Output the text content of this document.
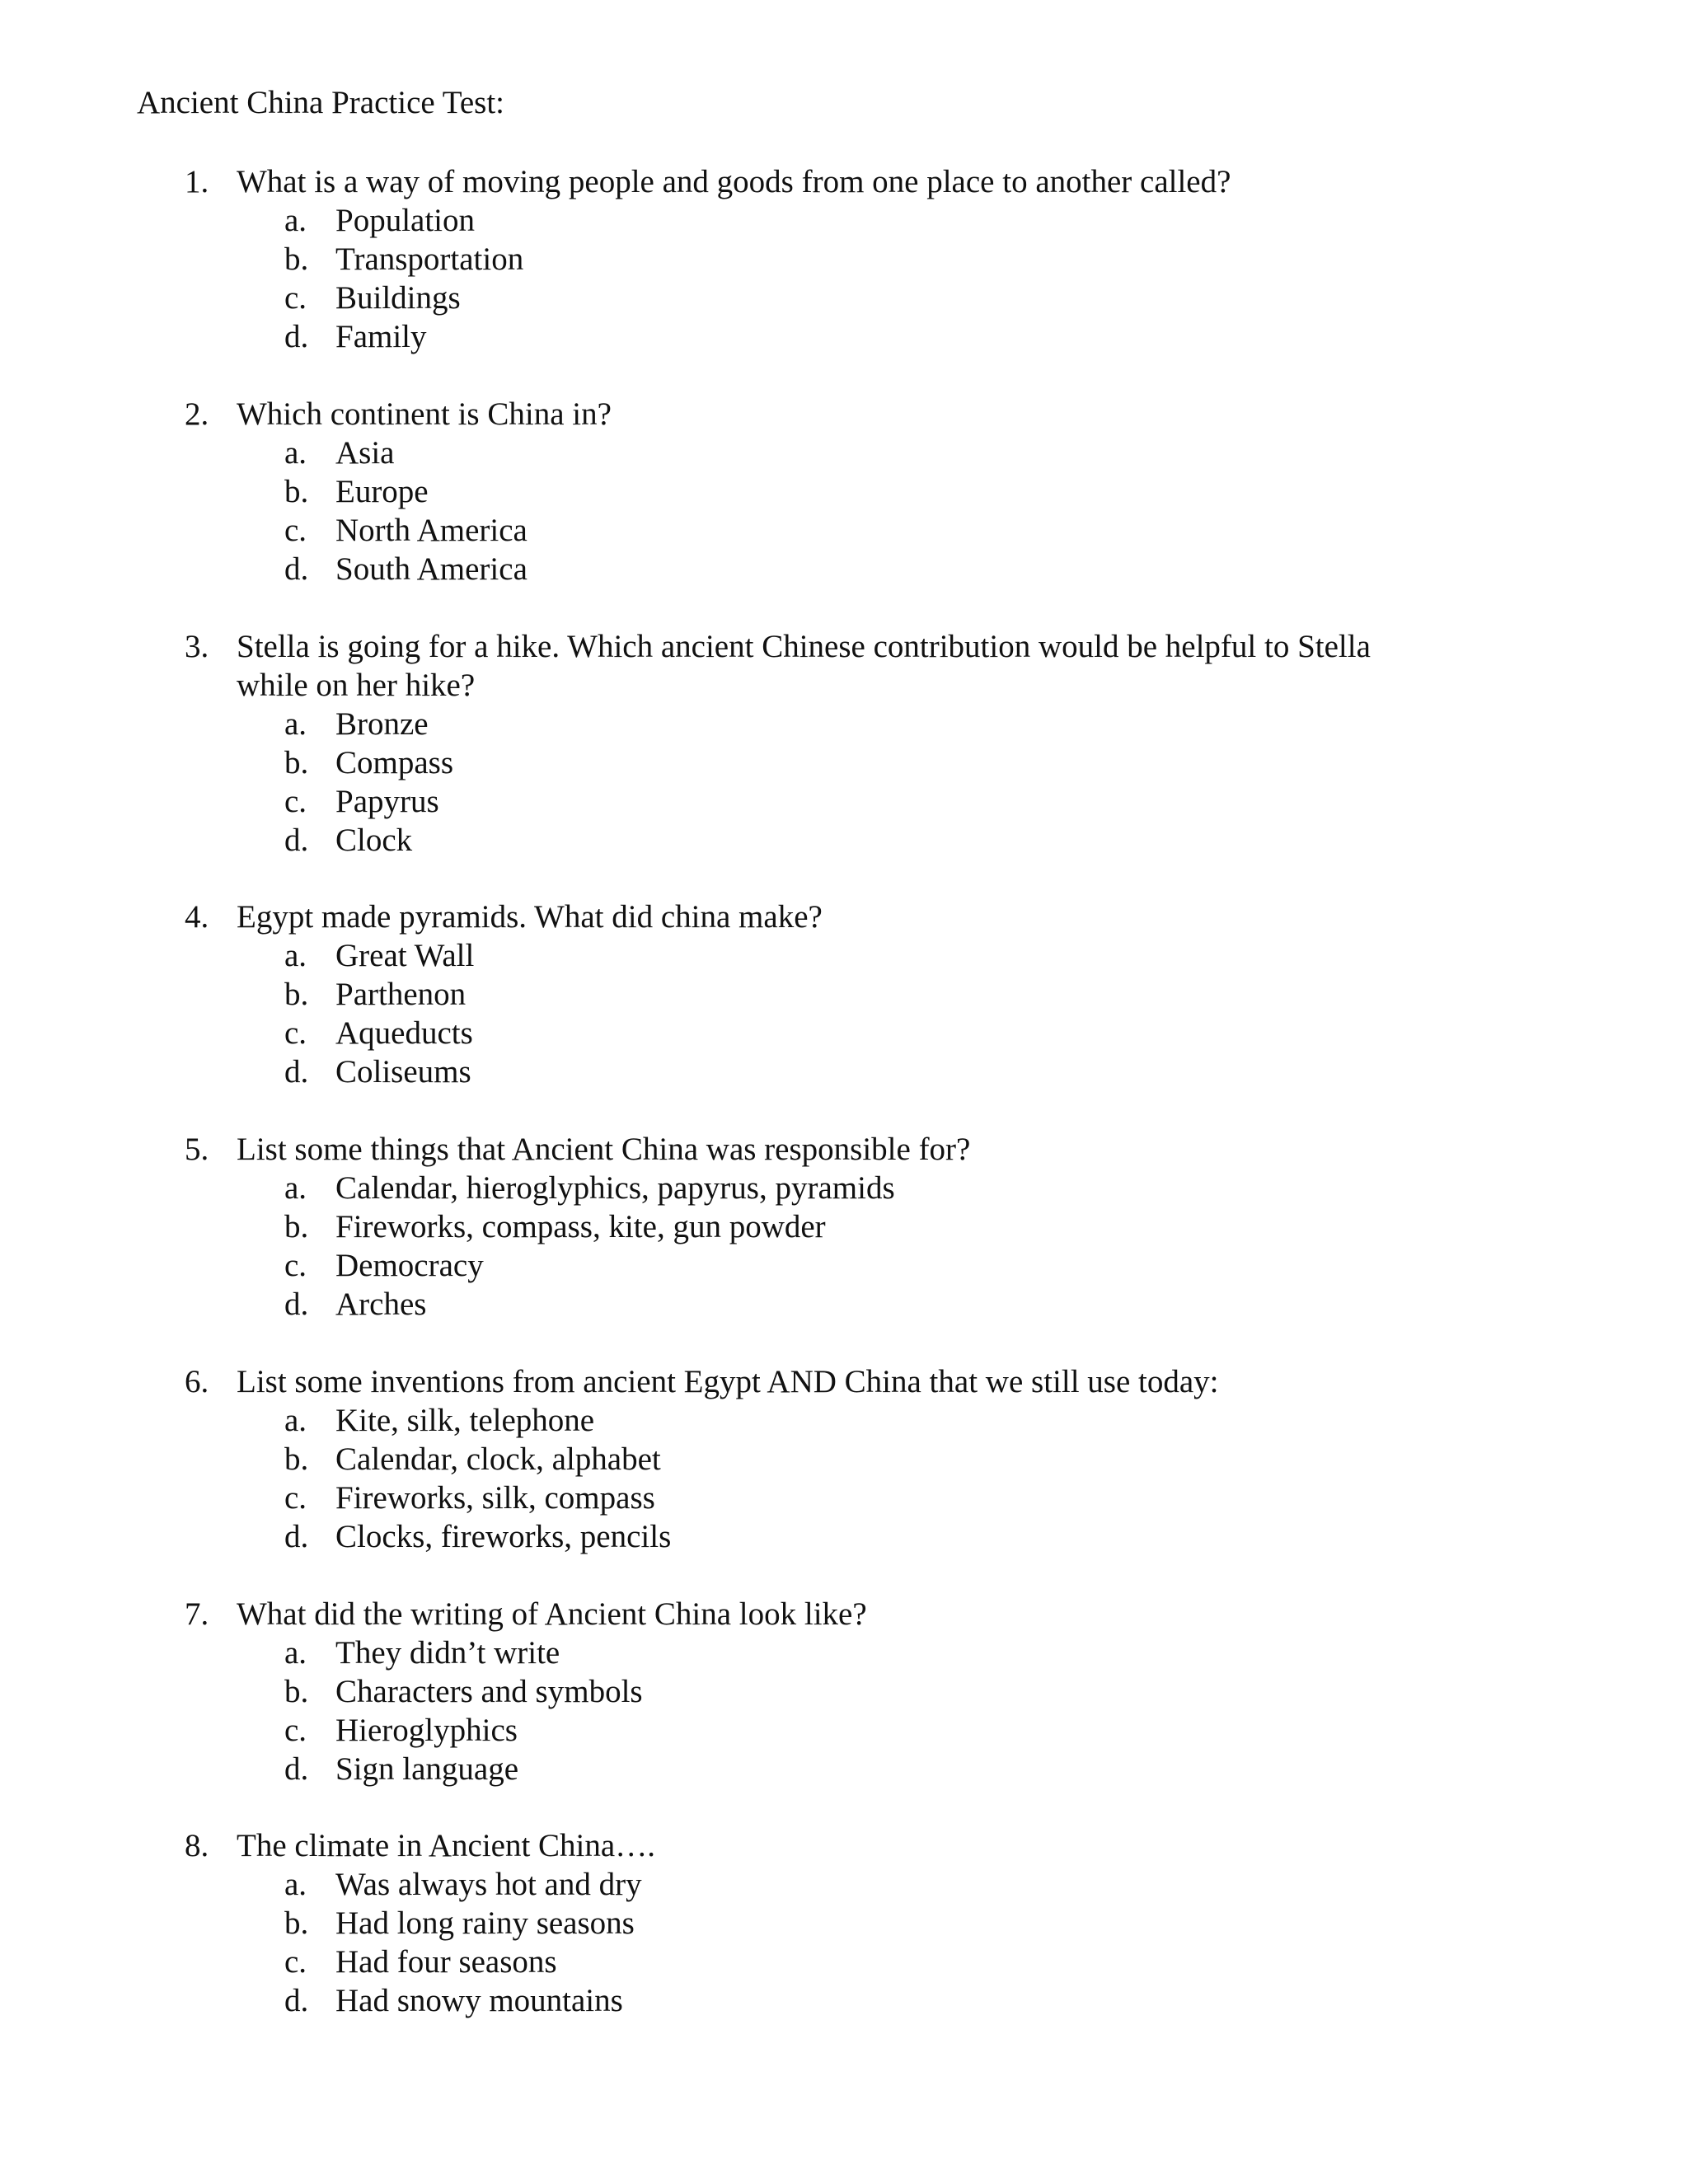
Ancient China Practice Test:
1. What is a way of moving people and goods from one place to another called?
a. Population
b. Transportation
c. Buildings
d. Family
2. Which continent is China in?
a. Asia
b. Europe
c. North America
d. South America
3. Stella is going for a hike. Which ancient Chinese contribution would be helpful to Stella while on her hike?
a. Bronze
b. Compass
c. Papyrus
d. Clock
4. Egypt made pyramids. What did china make?
a. Great Wall
b. Parthenon
c. Aqueducts
d. Coliseums
5. List some things that Ancient China was responsible for?
a. Calendar, hieroglyphics, papyrus, pyramids
b. Fireworks, compass, kite, gun powder
c. Democracy
d. Arches
6. List some inventions from ancient Egypt AND China that we still use today:
a. Kite, silk, telephone
b. Calendar, clock, alphabet
c. Fireworks, silk, compass
d. Clocks, fireworks, pencils
7. What did the writing of Ancient China look like?
a. They didn’t write
b. Characters and symbols
c. Hieroglyphics
d. Sign language
8. The climate in Ancient China….
a. Was always hot and dry
b. Had long rainy seasons
c. Had four seasons
d. Had snowy mountains
